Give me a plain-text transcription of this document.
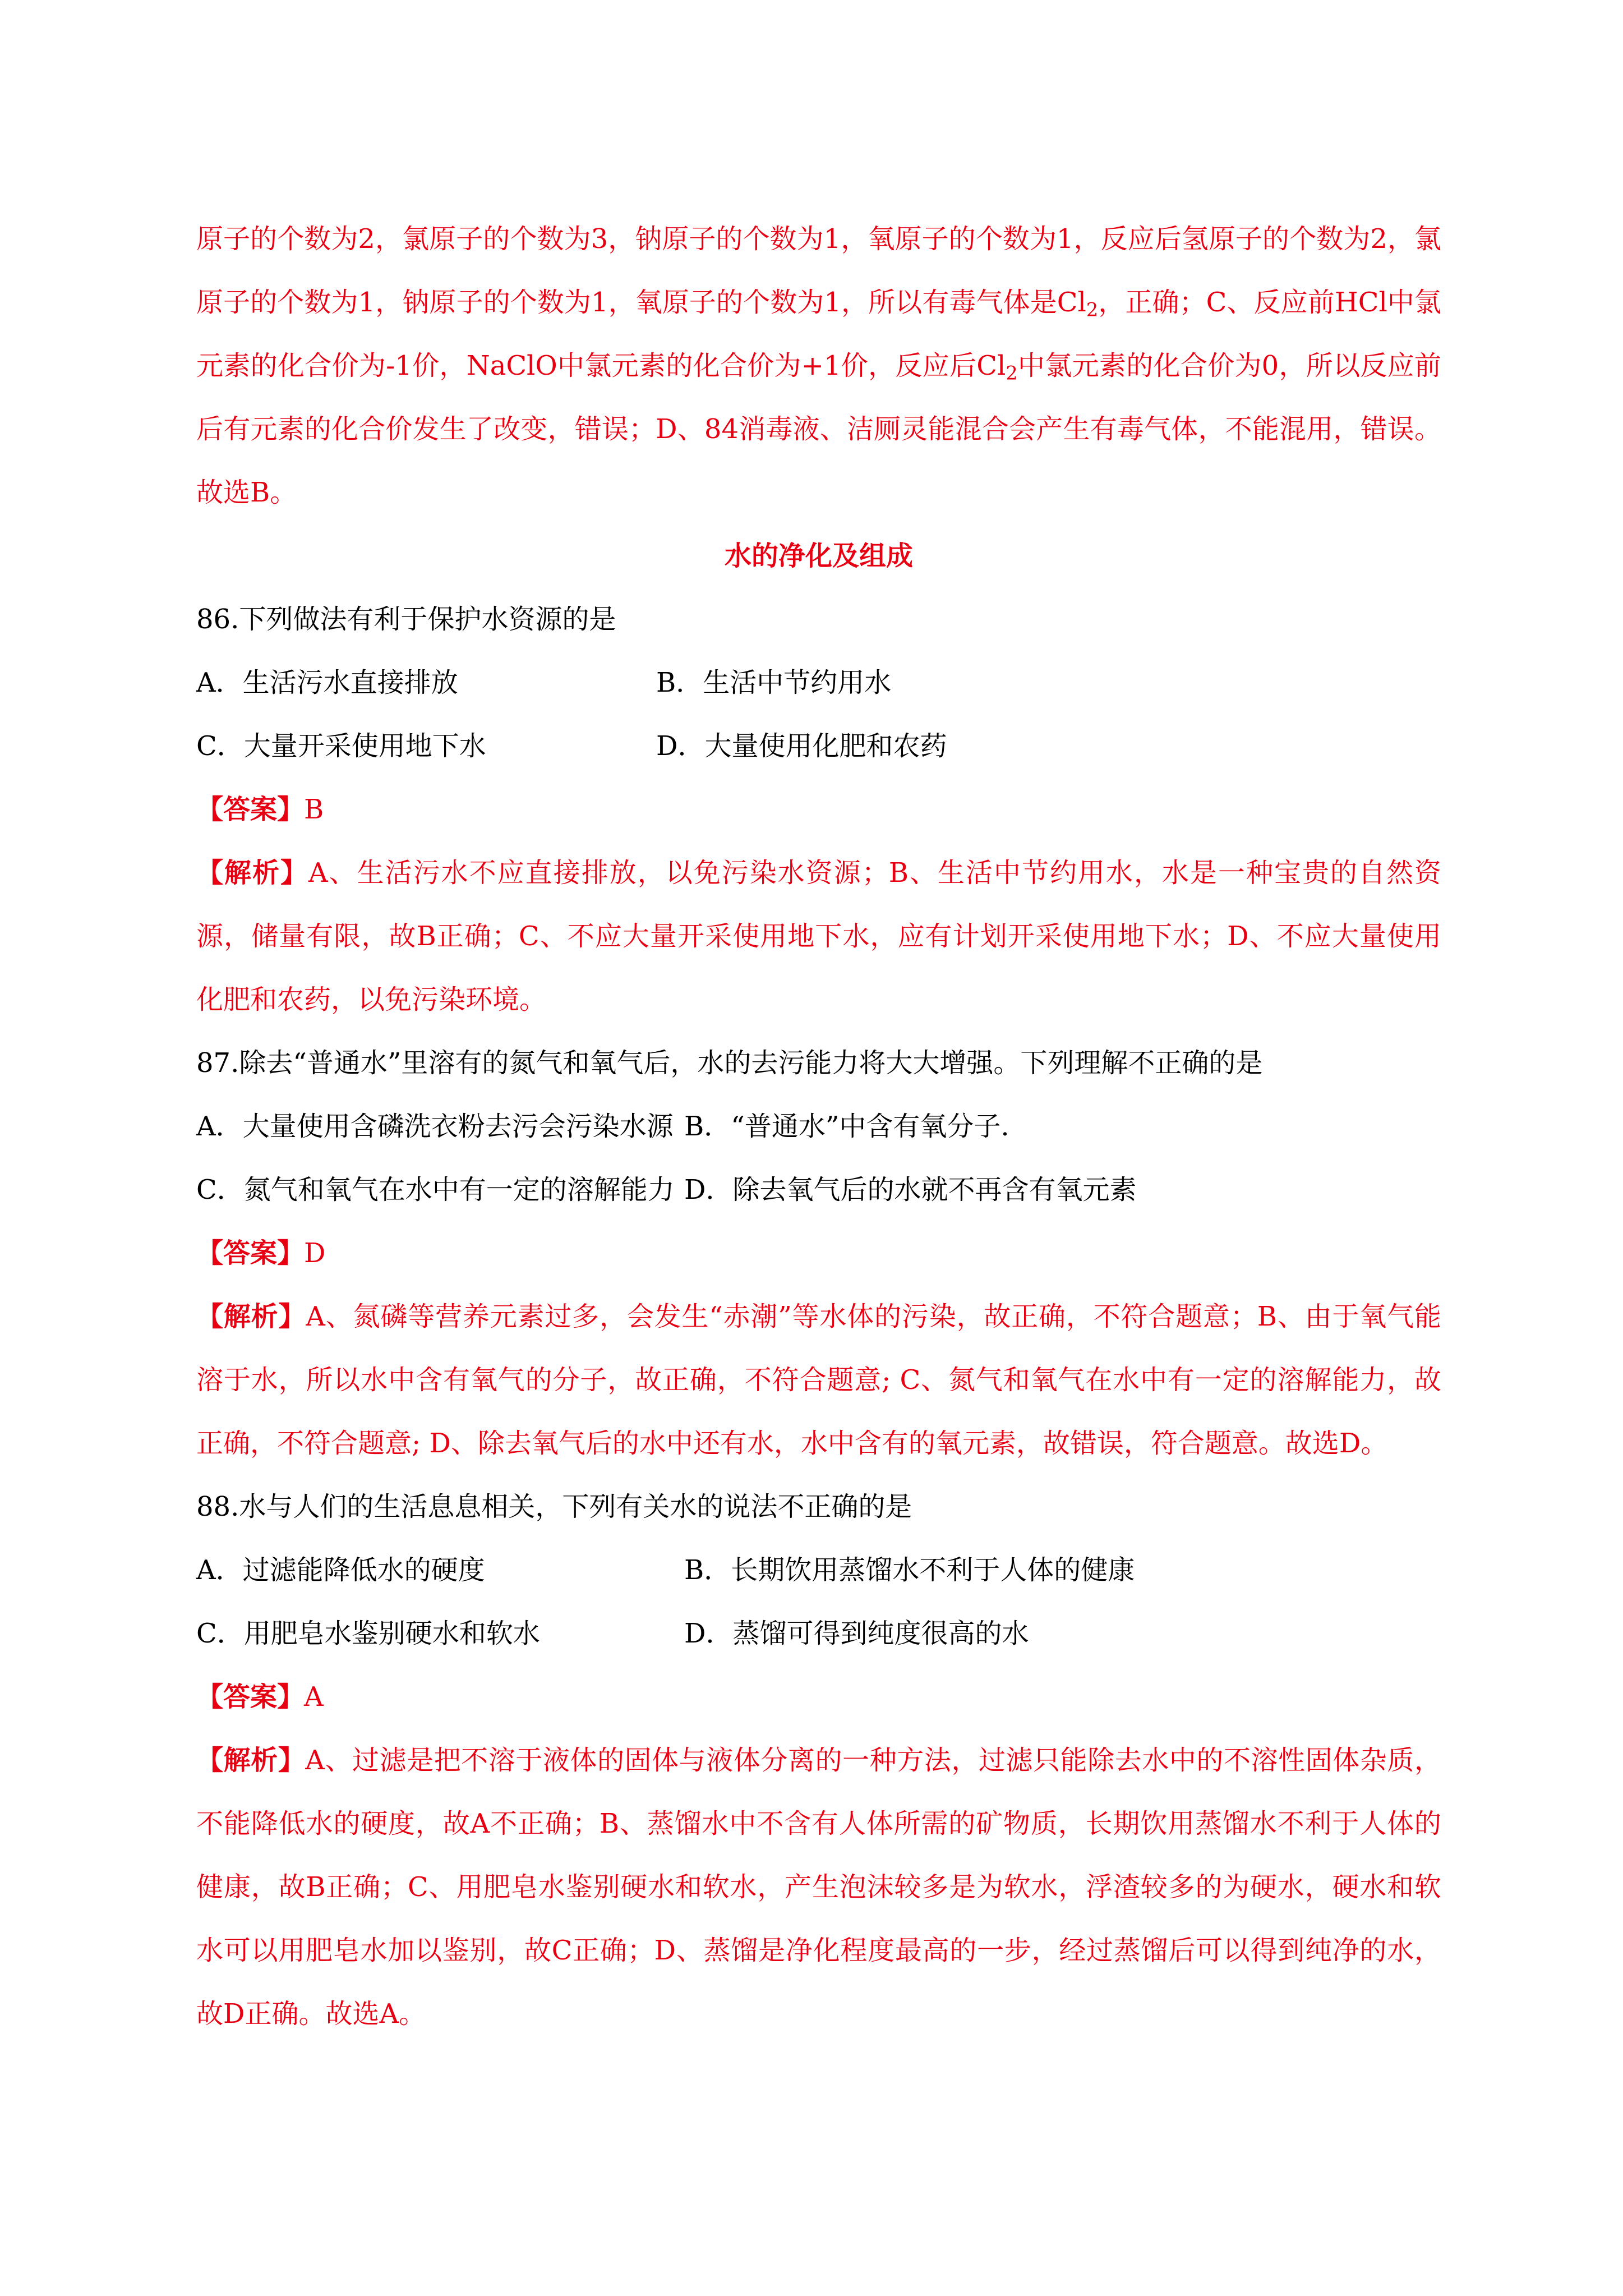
原子的个数为2，氯原子的个数为3，钠原子的个数为1，氧原子的个数为1，反应后氢原子的个数为2，氯原子的个数为1，钠原子的个数为1，氧原子的个数为1，所以有毒气体是$Cl_2$，正确；C、反应前HCl中氯元素的化合价为-1价，NaClO中氯元素的化合价为+1价，反应后$Cl_2$中氯元素的化合价为0，所以反应前后有元素的化合价发生了改变，错误；D、84消毒液、洁厕灵能混合会产生有毒气体，不能混用，错误。故选B。

水的净化及组成

86.下列做法有利于保护水资源的是

A．生活污水直接排放	B．生活中节约用水
C．大量开采使用地下水	D．大量使用化肥和农药

【答案】B

【解析】A、生活污水不应直接排放，以免污染水资源；B、生活中节约用水，水是一种宝贵的自然资源，储量有限，故B正确；C、不应大量开采使用地下水，应有计划开采使用地下水；D、不应大量使用化肥和农药，以免污染环境。

87.除去“普通水”里溶有的氮气和氧气后，水的去污能力将大大增强。下列理解不正确的是

A．大量使用含磷洗衣粉去污会污染水源 B．“普通水”中含有氧分子.
C．氮气和氧气在水中有一定的溶解能力 D．除去氧气后的水就不再含有氧元素

【答案】D

【解析】A、氮磷等营养元素过多，会发生“赤潮”等水体的污染，故正确，不符合题意；B、由于氧气能溶于水，所以水中含有氧气的分子，故正确，不符合题意; C、氮气和氧气在水中有一定的溶解能力，故正确，不符合题意; D、除去氧气后的水中还有水，水中含有的氧元素，故错误，符合题意。故选D。

88.水与人们的生活息息相关，下列有关水的说法不正确的是

A．过滤能降低水的硬度	B．长期饮用蒸馏水不利于人体的健康
C．用肥皂水鉴别硬水和软水	D．蒸馏可得到纯度很高的水

【答案】A

【解析】A、过滤是把不溶于液体的固体与液体分离的一种方法，过滤只能除去水中的不溶性固体杂质，不能降低水的硬度，故A不正确；B、蒸馏水中不含有人体所需的矿物质，长期饮用蒸馏水不利于人体的健康，故B正确；C、用肥皂水鉴别硬水和软水，产生泡沫较多是为软水，浮渣较多的为硬水，硬水和软水可以用肥皂水加以鉴别，故C正确；D、蒸馏是净化程度最高的一步，经过蒸馏后可以得到纯净的水，故D正确。故选A。
